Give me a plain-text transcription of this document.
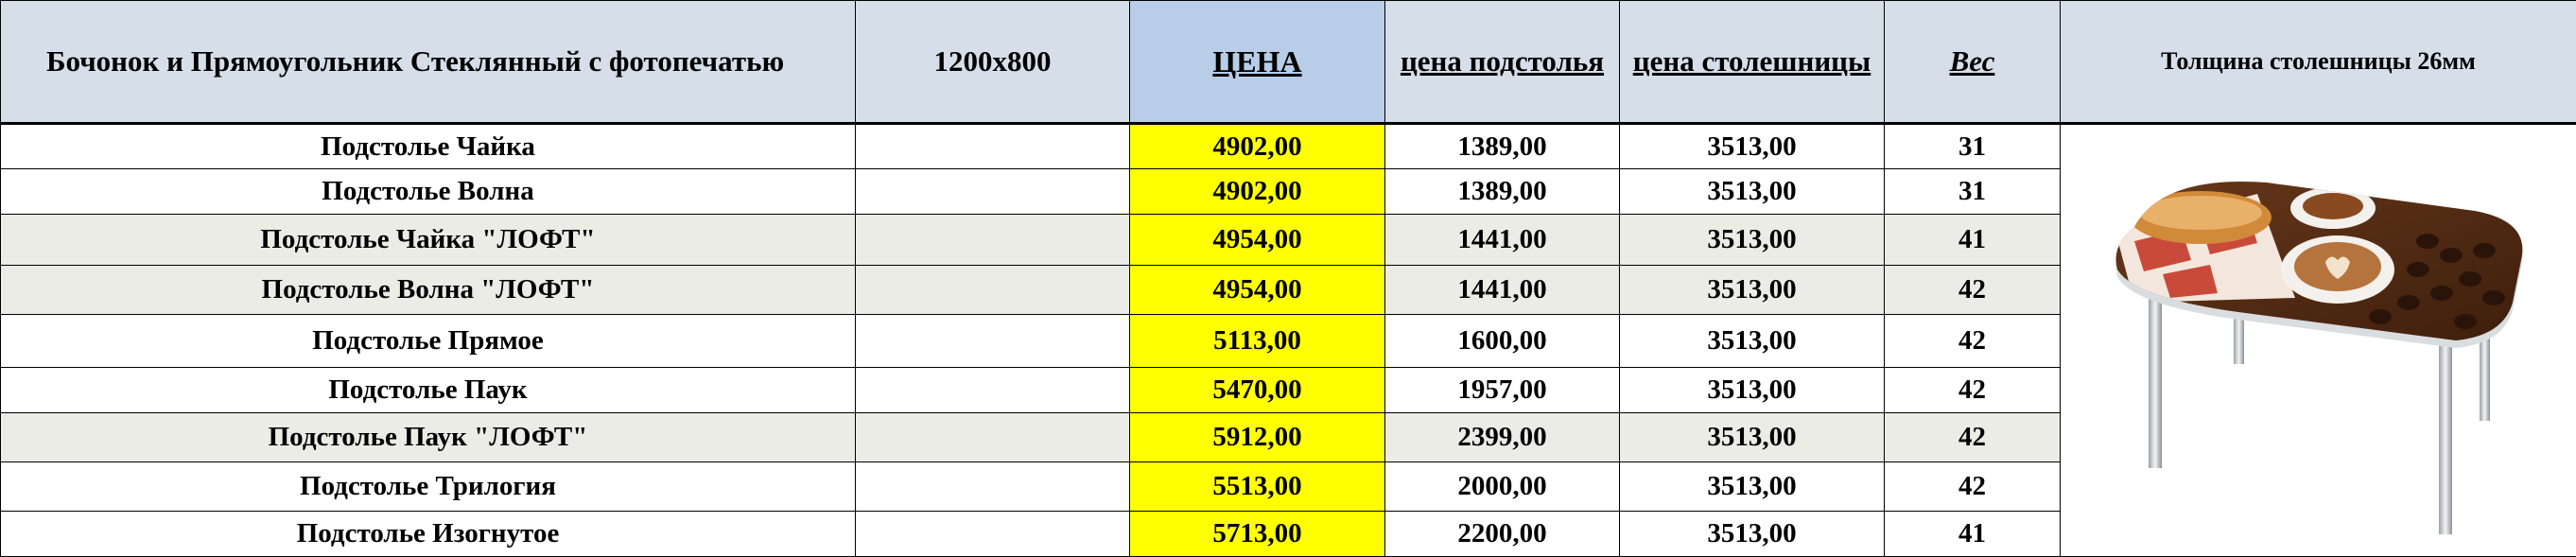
Бочонок и Прямоугольник Стеклянный с фотопечатью	1200х800	ЦЕНА	цена подстолья	цена столешницы	Вес	Толщина столешницы 26мм
Подстолье Чайка		4902,00	1389,00	3513,00	31	

Подстолье Волна		4902,00	1389,00	3513,00	31	
Подстолье Чайка "ЛОФТ"		4954,00	1441,00	3513,00	41	
Подстолье Волна "ЛОФТ"		4954,00	1441,00	3513,00	42	
Подстолье Прямое		5113,00	1600,00	3513,00	42	
Подстолье Паук		5470,00	1957,00	3513,00	42	
Подстолье Паук "ЛОФТ"		5912,00	2399,00	3513,00	42	
Подстолье Трилогия		5513,00	2000,00	3513,00	42	
Подстолье Изогнутое		5713,00	2200,00	3513,00	41	
